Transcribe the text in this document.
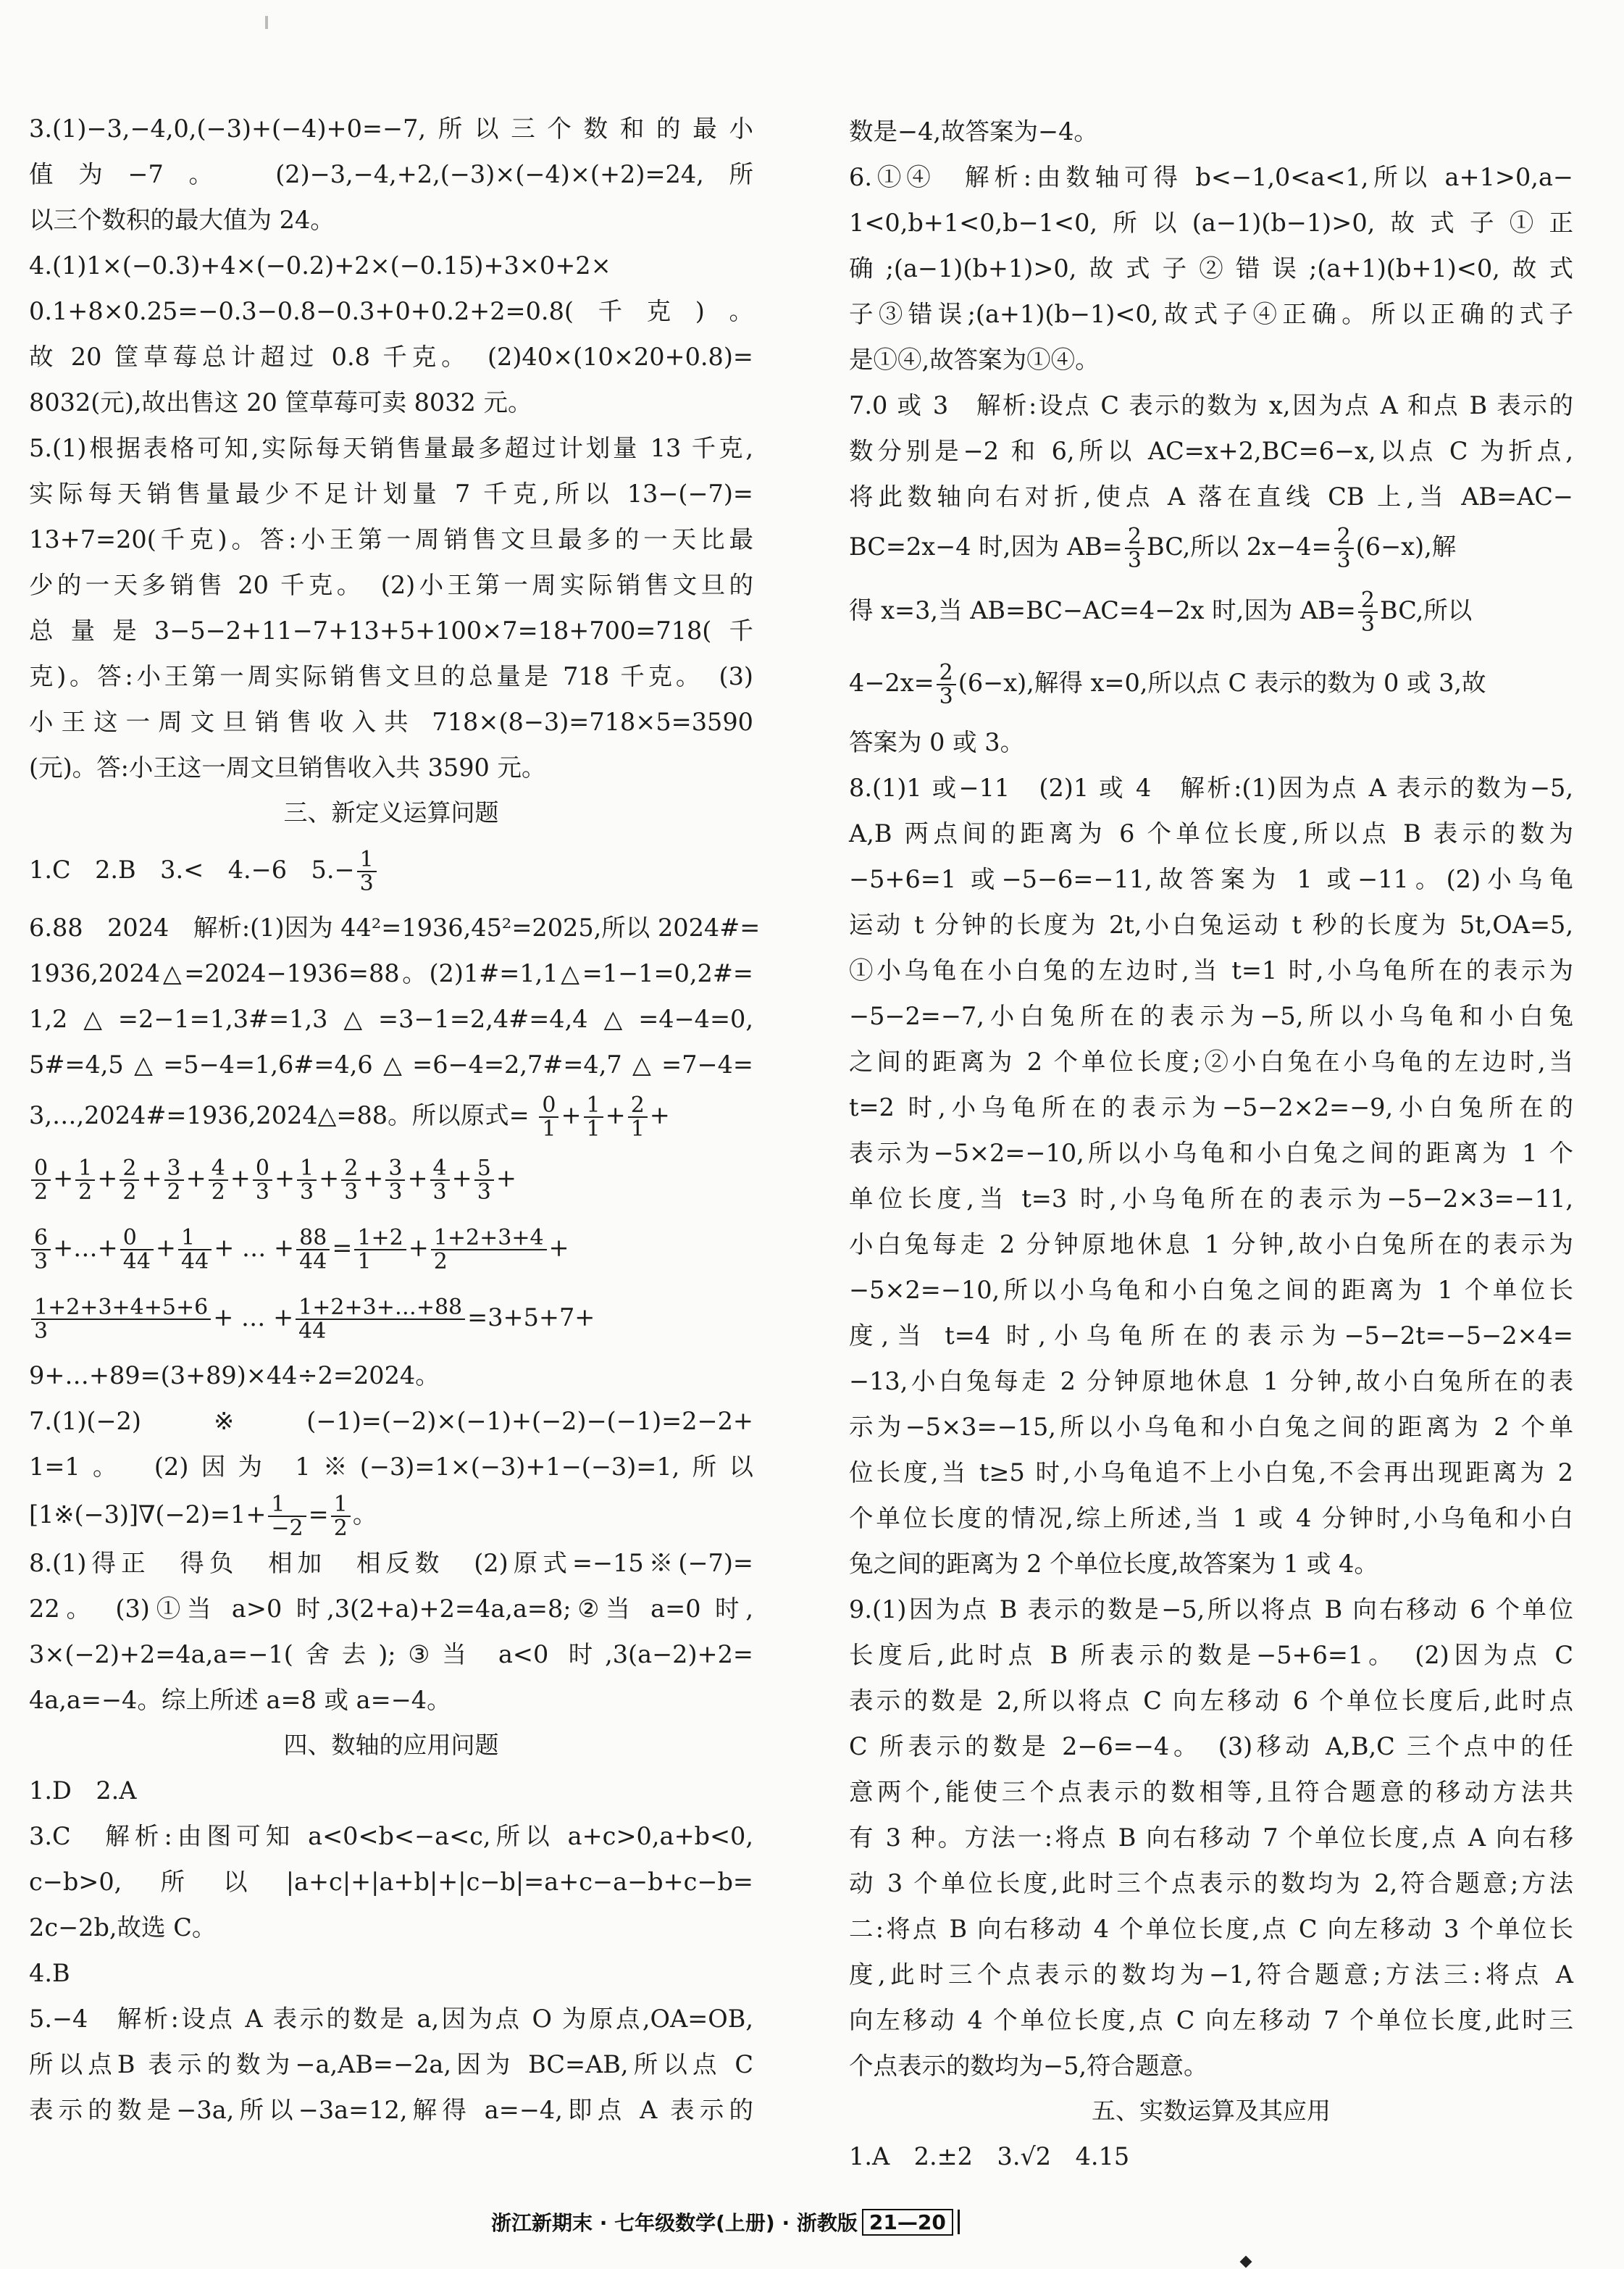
3.(1)−3,−4,0,(−3)+(−4)+0=−7,所以三个数和的最小
值为−7。　(2)−3,−4,+2,(−3)×(−4)×(+2)=24,所
以三个数积的最大值为 24。
4.(1)1×(−0.3)+4×(−0.2)+2×(−0.15)+3×0+2×
0.1+8×0.25=−0.3−0.8−0.3+0+0.2+2=0.8(千克)。
故 20 筐草莓总计超过 0.8 千克。　(2)40×(10×20+0.8)=
8032(元),故出售这 20 筐草莓可卖 8032 元。
5.(1)根据表格可知,实际每天销售量最多超过计划量 13 千克,
实际每天销售量最少不足计划量 7 千克,所以 13−(−7)=
13+7=20(千克)。答:小王第一周销售文旦最多的一天比最
少的一天多销售 20 千克。　(2)小王第一周实际销售文旦的
总量是3−5−2+11−7+13+5+100×7=18+700=718(千
克)。答:小王第一周实际销售文旦的总量是 718 千克。　(3)
小王这一周文旦销售收入共 718×(8−3)=718×5=3590
(元)。答:小王这一周文旦销售收入共 3590 元。
三、新定义运算问题
1.C　2.B　3.<　4.−6　$5.- \frac{1}{3}$
6.88　2024　解析:(1)因为 44²=1936,45²=2025,所以 2024#=
1936,2024△=2024−1936=88。(2)1#=1,1△=1−1=0,2#=
1,2△=2−1=1,3#=1,3△=3−1=2,4#=4,4△=4−4=0,
5#=4,5△=5−4=1,6#=4,6△=6−4=2,7#=4,7△=7−4=
3,…,2024#=1936,2024△=88。所以原式= $\frac{0}{1} + \frac{1}{1} + \frac{2}{1}$ +
$\frac{0}{2} + \frac{1}{2} + \frac{2}{2} + \frac{3}{2} + \frac{4}{2} + \frac{0}{3} + \frac{1}{3} + \frac{2}{3} + \frac{3}{3} + \frac{4}{3} + \frac{5}{3}$ +
$\frac{6}{3}$ +…+ $\frac{0}{44} + \frac{1}{44}$ + … + $\frac{88}{44} = \frac{1+2}{1} + \frac{1+2+3+4}{2}$ +
$\frac{1+2+3+4+5+6}{3}$ + … + $\frac{1+2+3+\dots+88}{44} =3+5+7+$
9+…+89=(3+89)×44÷2=2024。
7.(1)(−2)※(−1)=(−2)×(−1)+(−2)−(−1)=2−2+
1=1。　(2)因为 1※(−3)=1×(−3)+1−(−3)=1,所以
[1※(−3)]∇(−2)=1+ $\frac{1}{-2} = \frac{1}{2}$ 。
8.(1)得正　得负　相加　相反数　(2)原式=−15※(−7)=
22。　(3)①当 a>0 时,3(2+a)+2=4a,a=8;②当 a=0 时,
3×(−2)+2=4a,a=−1(舍去);③当 a<0 时,3(a−2)+2=
4a,a=−4。综上所述 a=8 或 a=−4。
四、数轴的应用问题
1.D　2.A
3.C　解析:由图可知 a<0<b<−a<c,所以 a+c>0,a+b<0,
c−b>0,所以|a+c|+|a+b|+|c−b|=a+c−a−b+c−b=
2c−2b,故选 C。
4.B
5.−4　解析:设点 A 表示的数是 a,因为点 O 为原点,OA=OB,
所以点B 表示的数为−a,AB=−2a,因为 BC=AB,所以点 C
表示的数是−3a,所以−3a=12,解得 a=−4,即点 A 表示的
数是−4,故答案为−4。
6.①④　解析:由数轴可得 b<−1,0<a<1,所以 a+1>0,a−
1<0,b+1<0,b−1<0,所以(a−1)(b−1)>0,故式子①正
确;(a−1)(b+1)>0,故式子②错误;(a+1)(b+1)<0,故式
子③错误;(a+1)(b−1)<0,故式子④正确。所以正确的式子
是①④,故答案为①④。
7.0 或 3　解析:设点 C 表示的数为 x,因为点 A 和点 B 表示的
数分别是−2 和 6,所以 AC=x+2,BC=6−x,以点 C 为折点,
将此数轴向右对折,使点 A 落在直线 CB 上,当 AB=AC−
BC=2x−4 时,因为 $AB= \frac{2}{3}$ BC,所以 $2x-4= \frac{2}{3} (6-x)$,解
得 x=3,当 AB=BC−AC=4−2x 时,因为 $AB= \frac{2}{3}$ BC,所以
$4-2x= \frac{2}{3} (6-x)$,解得 x=0,所以点 C 表示的数为 0 或 3,故
答案为 0 或 3。
8.(1)1 或−11　(2)1 或 4　解析:(1)因为点 A 表示的数为−5,
A,B 两点间的距离为 6 个单位长度,所以点 B 表示的数为
−5+6=1 或−5−6=−11,故答案为 1 或−11。(2)小乌龟
运动 t 分钟的长度为 2t,小白兔运动 t 秒的长度为 5t,OA=5,
①小乌龟在小白兔的左边时,当 t=1 时,小乌龟所在的表示为
−5−2=−7,小白兔所在的表示为−5,所以小乌龟和小白兔
之间的距离为 2 个单位长度;②小白兔在小乌龟的左边时,当
t=2 时,小乌龟所在的表示为−5−2×2=−9,小白兔所在的
表示为−5×2=−10,所以小乌龟和小白兔之间的距离为 1 个
单位长度,当 t=3 时,小乌龟所在的表示为−5−2×3=−11,
小白兔每走 2 分钟原地休息 1 分钟,故小白兔所在的表示为
−5×2=−10,所以小乌龟和小白兔之间的距离为 1 个单位长
度,当 t=4 时,小乌龟所在的表示为−5−2t=−5−2×4=
−13,小白兔每走 2 分钟原地休息 1 分钟,故小白兔所在的表
示为−5×3=−15,所以小乌龟和小白兔之间的距离为 2 个单
位长度,当 t≥5 时,小乌龟追不上小白兔,不会再出现距离为 2
个单位长度的情况,综上所述,当 1 或 4 分钟时,小乌龟和小白
兔之间的距离为 2 个单位长度,故答案为 1 或 4。
9.(1)因为点 B 表示的数是−5,所以将点 B 向右移动 6 个单位
长度后,此时点 B 所表示的数是−5+6=1。　(2)因为点 C
表示的数是 2,所以将点 C 向左移动 6 个单位长度后,此时点
C 所表示的数是 2−6=−4。　(3)移动 A,B,C 三个点中的任
意两个,能使三个点表示的数相等,且符合题意的移动方法共
有 3 种。方法一:将点 B 向右移动 7 个单位长度,点 A 向右移
动 3 个单位长度,此时三个点表示的数均为 2,符合题意;方法
二:将点 B 向右移动 4 个单位长度,点 C 向左移动 3 个单位长
度,此时三个点表示的数均为−1,符合题意;方法三:将点 A
向左移动 4 个单位长度,点 C 向左移动 7 个单位长度,此时三
个点表示的数均为−5,符合题意。
五、实数运算及其应用
1.A　2.±2　3.√2　4.15
浙江新期末 · 七年级数学(上册) · 浙教版 21—20
